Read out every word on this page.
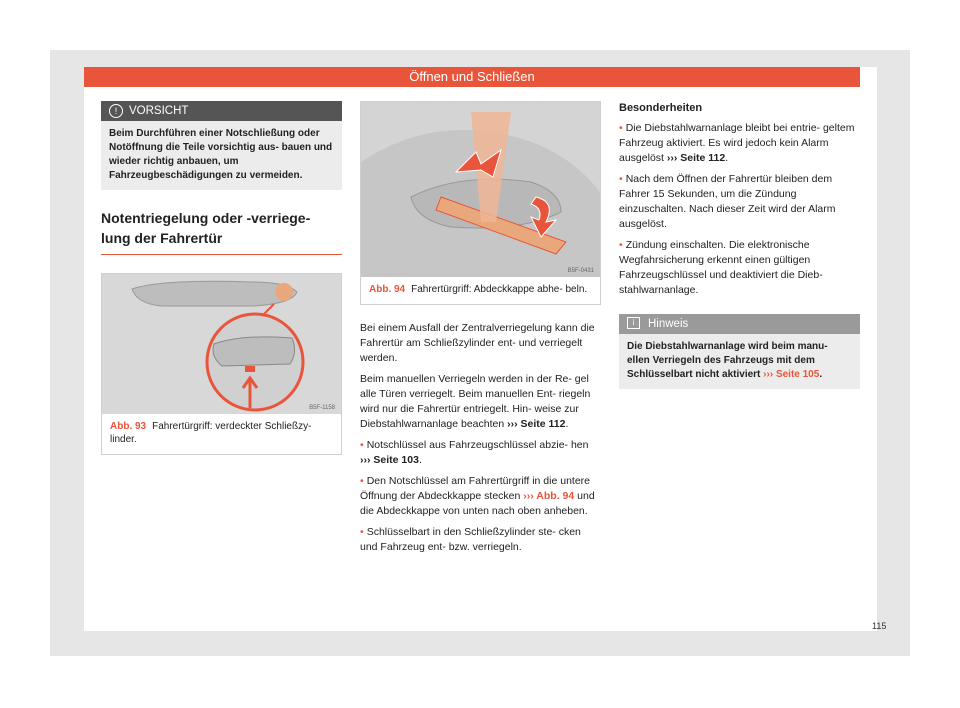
Öffnen und Schließen
! VORSICHT
Beim Durchführen einer Notschließung oder Notöffnung die Teile vorsichtig aus- bauen und wieder richtig anbauen, um Fahrzeugbeschädigungen zu vermeiden.
Notentriegelung oder -verriege-
lung der Fahrertür
B5F-1158
Abb. 93 Fahrertürgriff: verdeckter Schließzy- linder.
B5F-0431
Abb. 94 Fahrertürgriff: Abdeckkappe abhe- beln.

Bei einem Ausfall der Zentralverriegelung kann die Fahrertür am Schließzylinder ent- und verriegelt werden.

Beim manuellen Verriegeln werden in der Re- gel alle Türen verriegelt. Beim manuellen Ent- riegeln wird nur die Fahrertür entriegelt. Hin- weise zur Diebstahlwarnanlage beachten ››› Seite 112.

• Notschlüssel aus Fahrzeugschlüssel abzie- hen ››› Seite 103.

• Den Notschlüssel am Fahrertürgriff in die untere Öffnung der Abdeckkappe stecken ››› Abb. 94 und die Abdeckkappe von unten nach oben anheben.

• Schlüsselbart in den Schließzylinder ste- cken und Fahrzeug ent- bzw. verriegeln.

Besonderheiten

• Die Diebstahlwarnanlage bleibt bei entrie- geltem Fahrzeug aktiviert. Es wird jedoch kein Alarm ausgelöst ››› Seite 112.

• Nach dem Öffnen der Fahrertür bleiben dem Fahrer 15 Sekunden, um die Zündung einzuschalten. Nach dieser Zeit wird der Alarm ausgelöst.

• Zündung einschalten. Die elektronische Wegfahrsicherung erkennt einen gültigen Fahrzeugschlüssel und deaktiviert die Dieb- stahlwarnanlage.

i Hinweis
Die Diebstahlwarnanlage wird beim manu- ellen Verriegeln des Fahrzeugs mit dem Schlüsselbart nicht aktiviert ››› Seite 105.
115
